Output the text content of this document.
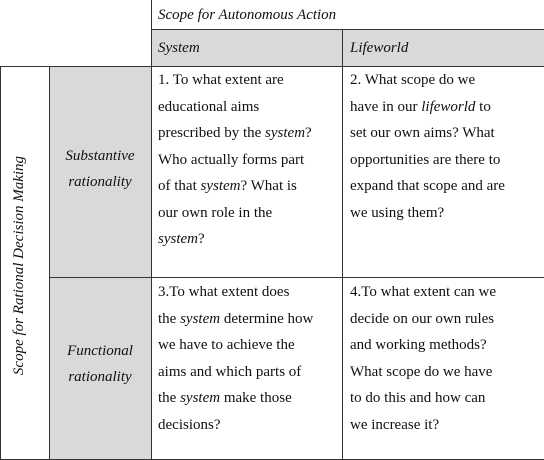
Scope for Autonomous Action
System	Lifeworld
Scope for Rational Decision Making	Substantive
rationality
Functional
rationality
1. To what extent are
educational aims
prescribed by the system?
Who actually forms part
of that system? What is
our own role in the
system?
2. What scope do we
have in our lifeworld to
set our own aims? What
opportunities are there to
expand that scope and are
we using them?
3.To what extent does
the system determine how
we have to achieve the
aims and which parts of
the system make those
decisions?
4.To what extent can we
decide on our own rules
and working methods?
What scope do we have
to do this and how can
we increase it?
